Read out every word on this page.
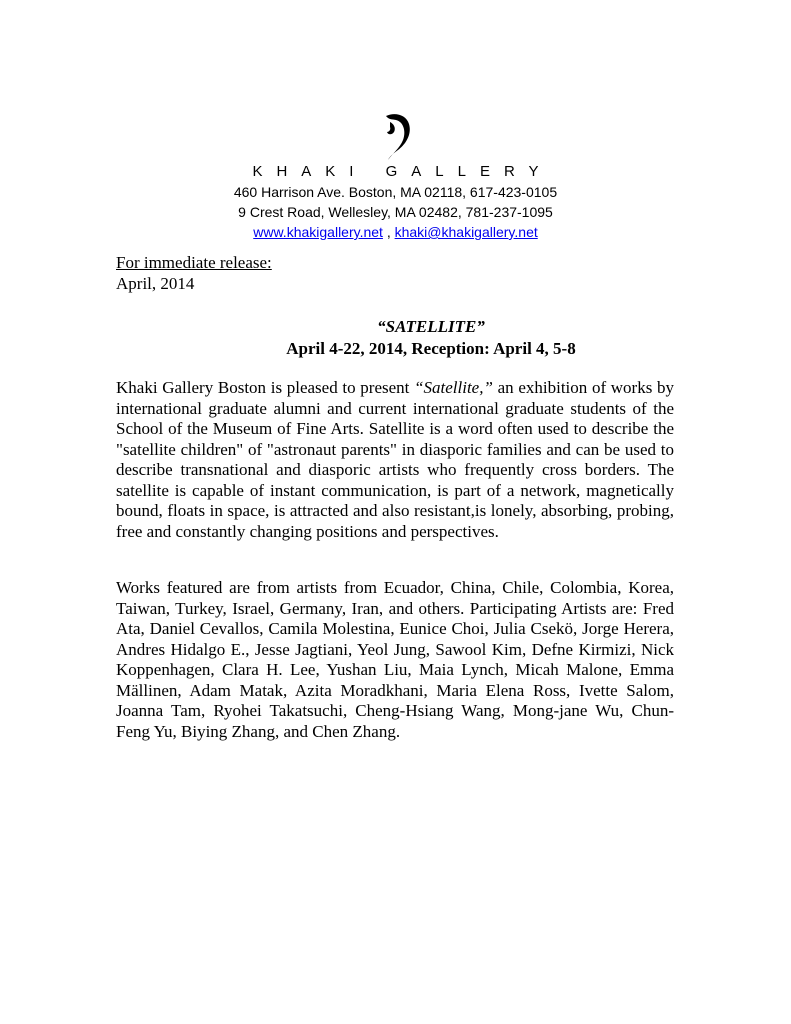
KHAKI GALLERY
460 Harrison Ave. Boston, MA 02118, 617-423-0105
9 Crest Road, Wellesley, MA 02482, 781-237-1095
www.khakigallery.net , khaki@khakigallery.net
For immediate release:
April, 2014
“SATELLITE”
April 4-22, 2014, Reception: April 4, 5-8

Khaki Gallery Boston is pleased to present “Satellite,” an exhibition of works by international graduate alumni and current international graduate students of the School of the Museum of Fine Arts. Satellite is a word often used to describe the "satellite children" of "astronaut parents" in diasporic families and can be used to describe transnational and diasporic artists who frequently cross borders. The satellite is capable of instant communication, is part of a network, magnetically bound, floats in space, is attracted and also resistant,is lonely, absorbing, probing, free and constantly changing positions and perspectives.

Works featured are from artists from Ecuador, China, Chile, Colombia, Korea, Taiwan, Turkey, Israel, Germany, Iran, and others. Participating Artists are: Fred Ata, Daniel Cevallos, Camila Molestina, Eunice Choi, Julia Csekö, Jorge Herera, Andres Hidalgo E., Jesse Jagtiani, Yeol Jung, Sawool Kim, Defne Kirmizi, Nick Koppenhagen, Clara H. Lee, Yushan Liu, Maia Lynch, Micah Malone, Emma Mällinen, Adam Matak, Azita Moradkhani, Maria Elena Ross, Ivette Salom, Joanna Tam, Ryohei Takatsuchi, Cheng-Hsiang Wang, Mong-jane Wu, Chun-Feng Yu, Biying Zhang, and Chen Zhang.
